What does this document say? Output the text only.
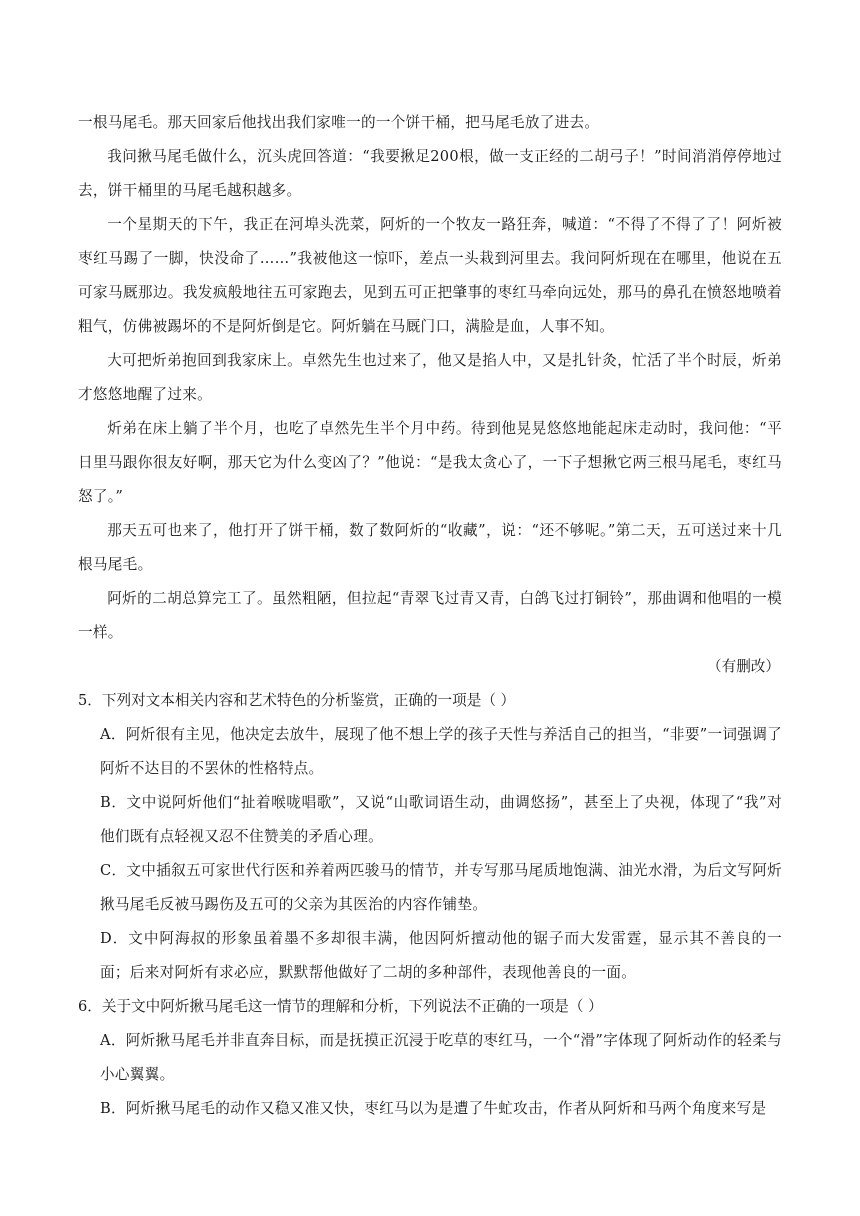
一根马尾毛。那天回家后他找出我们家唯一的一个饼干桶，把马尾毛放了进去。

我问揪马尾毛做什么，沉头虎回答道：“我要揪足200根，做一支正经的二胡弓子！”时间消消停停地过去，饼干桶里的马尾毛越积越多。

一个星期天的下午，我正在河埠头洗菜，阿炘的一个牧友一路狂奔，喊道：“不得了不得了了！阿炘被枣红马踢了一脚，快没命了……”我被他这一惊吓，差点一头栽到河里去。我问阿炘现在在哪里，他说在五可家马厩那边。我发疯般地往五可家跑去，见到五可正把肇事的枣红马牵向远处，那马的鼻孔在愤怒地喷着粗气，仿佛被踢坏的不是阿炘倒是它。阿炘躺在马厩门口，满脸是血，人事不知。

大可把炘弟抱回到我家床上。卓然先生也过来了，他又是掐人中，又是扎针灸，忙活了半个时辰，炘弟才悠悠地醒了过来。

炘弟在床上躺了半个月，也吃了卓然先生半个月中药。待到他晃晃悠悠地能起床走动时，我问他：“平日里马跟你很友好啊，那天它为什么变凶了？”他说：“是我太贪心了，一下子想揪它两三根马尾毛，枣红马怒了。”

那天五可也来了，他打开了饼干桶，数了数阿炘的“收藏”，说：“还不够呢。”第二天，五可送过来十几根马尾毛。

阿炘的二胡总算完工了。虽然粗陋，但拉起“青翠飞过青又青，白鸽飞过打铜铃”，那曲调和他唱的一模一样。

（有删改）

5．下列对文本相关内容和艺术特色的分析鉴赏，正确的一项是（ ）

A．阿炘很有主见，他决定去放牛，展现了他不想上学的孩子天性与养活自己的担当，“非要”一词强调了阿炘不达目的不罢休的性格特点。

B．文中说阿炘他们“扯着喉咙唱歌”，又说“山歌词语生动，曲调悠扬”，甚至上了央视，体现了“我”对他们既有点轻视又忍不住赞美的矛盾心理。

C．文中插叙五可家世代行医和养着两匹骏马的情节，并专写那马尾质地饱满、油光水滑，为后文写阿炘揪马尾毛反被马踢伤及五可的父亲为其医治的内容作铺垫。

D．文中阿海叔的形象虽着墨不多却很丰满，他因阿炘擅动他的锯子而大发雷霆，显示其不善良的一面；后来对阿炘有求必应，默默帮他做好了二胡的多种部件，表现他善良的一面。

6．关于文中阿炘揪马尾毛这一情节的理解和分析，下列说法不正确的一项是（ ）

A．阿炘揪马尾毛并非直奔目标，而是抚摸正沉浸于吃草的枣红马，一个“滑”字体现了阿炘动作的轻柔与小心翼翼。

B．阿炘揪马尾毛的动作又稳又准又快，枣红马以为是遭了牛虻攻击，作者从阿炘和马两个角度来写是
